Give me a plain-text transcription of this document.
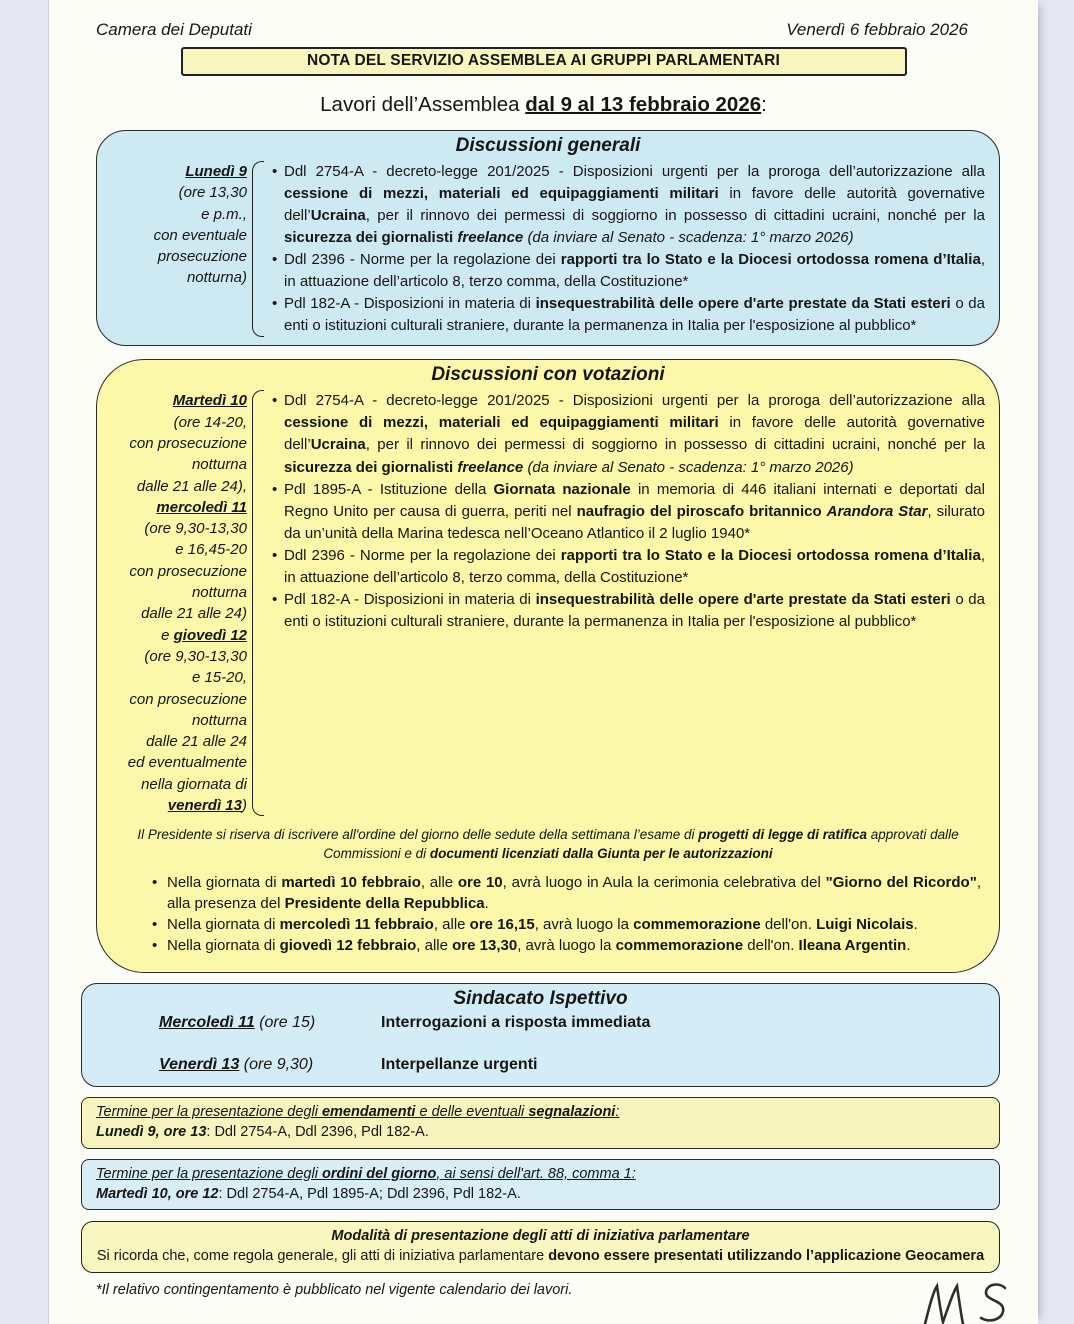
Camera dei Deputati	Venerdì 6 febbraio 2026
NOTA DEL SERVIZIO ASSEMBLEA AI GRUPPI PARLAMENTARI
Lavori dell’Assemblea dal 9 al 13 febbraio 2026:
Discussioni generali
Lunedì 9
(ore 13,30
e p.m.,
con eventuale
prosecuzione
notturna)
• Ddl 2754-A - decreto-legge 201/2025 - Disposizioni urgenti per la proroga dell’autorizzazione alla cessione di mezzi, materiali ed equipaggiamenti militari in favore delle autorità governative dell’Ucraina, per il rinnovo dei permessi di soggiorno in possesso di cittadini ucraini, nonché per la sicurezza dei giornalisti freelance (da inviare al Senato - scadenza: 1° marzo 2026)
• Ddl 2396 - Norme per la regolazione dei rapporti tra lo Stato e la Diocesi ortodossa romena d’Italia, in attuazione dell’articolo 8, terzo comma, della Costituzione*
• Pdl 182-A - Disposizioni in materia di insequestrabilità delle opere d'arte prestate da Stati esteri o da enti o istituzioni culturali straniere, durante la permanenza in Italia per l'esposizione al pubblico*
Discussioni con votazioni
Martedì 10
(ore 14-20,
con prosecuzione
notturna
dalle 21 alle 24),
mercoledì 11
(ore 9,30-13,30
e 16,45-20
con prosecuzione
notturna
dalle 21 alle 24)
e giovedì 12
(ore 9,30-13,30
e 15-20,
con prosecuzione
notturna
dalle 21 alle 24
ed eventualmente
nella giornata di
venerdì 13)
• Ddl 2754-A - decreto-legge 201/2025 - Disposizioni urgenti per la proroga dell’autorizzazione alla cessione di mezzi, materiali ed equipaggiamenti militari in favore delle autorità governative dell’Ucraina, per il rinnovo dei permessi di soggiorno in possesso di cittadini ucraini, nonché per la sicurezza dei giornalisti freelance (da inviare al Senato - scadenza: 1° marzo 2026)
• Pdl 1895-A - Istituzione della Giornata nazionale in memoria di 446 italiani internati e deportati dal Regno Unito per causa di guerra, periti nel naufragio del piroscafo britannico Arandora Star, silurato da un’unità della Marina tedesca nell’Oceano Atlantico il 2 luglio 1940*
• Ddl 2396 - Norme per la regolazione dei rapporti tra lo Stato e la Diocesi ortodossa romena d’Italia, in attuazione dell’articolo 8, terzo comma, della Costituzione*
• Pdl 182-A - Disposizioni in materia di insequestrabilità delle opere d'arte prestate da Stati esteri o da enti o istituzioni culturali straniere, durante la permanenza in Italia per l'esposizione al pubblico*
Il Presidente si riserva di iscrivere all'ordine del giorno delle sedute della settimana l’esame di progetti di legge di ratifica approvati dalle Commissioni e di documenti licenziati dalla Giunta per le autorizzazioni
• Nella giornata di martedì 10 febbraio, alle ore 10, avrà luogo in Aula la cerimonia celebrativa del "Giorno del Ricordo", alla presenza del Presidente della Repubblica.
• Nella giornata di mercoledì 11 febbraio, alle ore 16,15, avrà luogo la commemorazione dell'on. Luigi Nicolais.
• Nella giornata di giovedì 12 febbraio, alle ore 13,30, avrà luogo la commemorazione dell'on. Ileana Argentin.
Sindacato Ispettivo
Mercoledì 11 (ore 15)	Interrogazioni a risposta immediata
Venerdì 13 (ore 9,30)	Interpellanze urgenti
Termine per la presentazione degli emendamenti e delle eventuali segnalazioni:
Lunedì 9, ore 13: Ddl 2754-A, Ddl 2396, Pdl 182-A.
Termine per la presentazione degli ordini del giorno, ai sensi dell'art. 88, comma 1:
Martedì 10, ore 12: Ddl 2754-A, Pdl 1895-A; Ddl 2396, Pdl 182-A.
Modalità di presentazione degli atti di iniziativa parlamentare
Si ricorda che, come regola generale, gli atti di iniziativa parlamentare devono essere presentati utilizzando l’applicazione Geocamera
*Il relativo contingentamento è pubblicato nel vigente calendario dei lavori.
